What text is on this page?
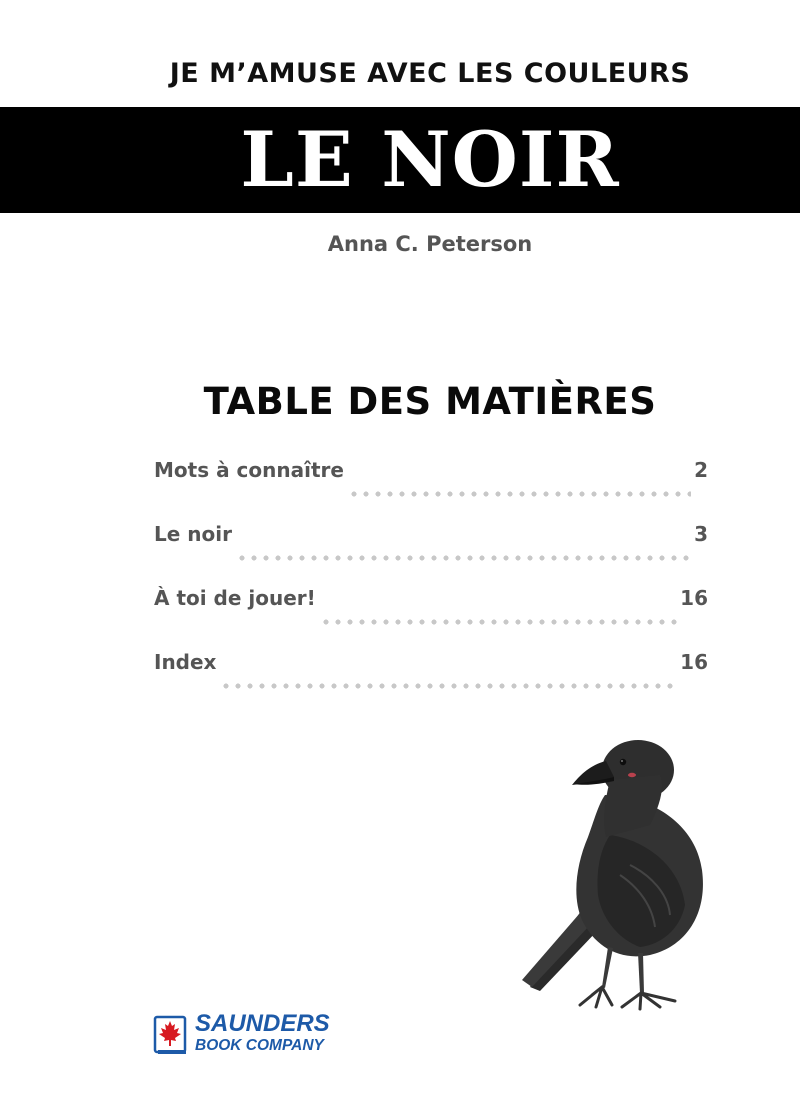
JE M’AMUSE AVEC LES COULEURS
LE NOIR
Anna C. Peterson
TABLE DES MATIÈRES
Mots à connaître	2
Le noir	3
À toi de jouer!	16
Index	16
SAUNDERS
BOOK COMPANY
